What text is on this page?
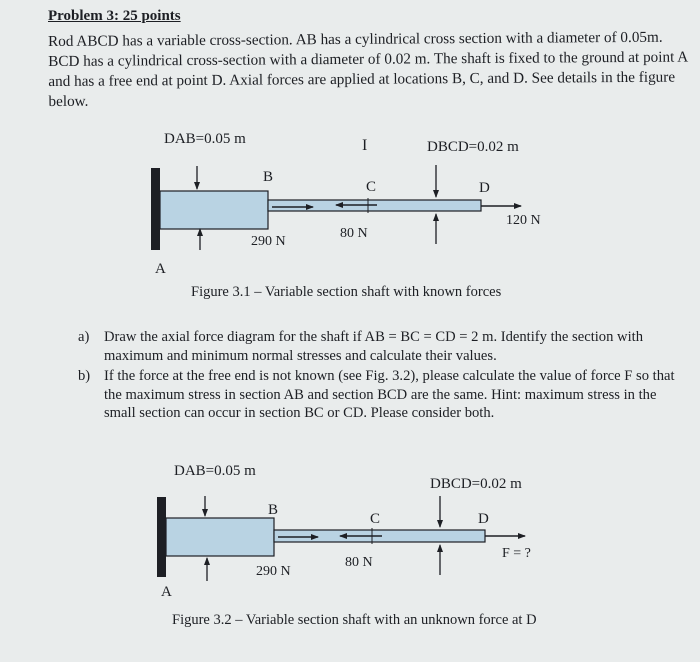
Problem 3: 25 points
Rod ABCD has a variable cross-section. AB has a cylindrical cross section with a diameter of 0.05m. BCD has a cylindrical cross-section with a diameter of 0.02 m. The shaft is fixed to the ground at point A and has a free end at point D. Axial forces are applied at locations B, C, and D. See details in the figure below.
I
DAB=0.05 m	DBCD=0.02 m
B
C	D
A
290 N
80 N
120 N
DAB=0.05 m
DBCD=0.02 m
B
C	D
A
290 N
80 N
F = ?
Figure 3.1 – Variable section shaft with known forces
a)	Draw the axial force diagram for the shaft if AB = BC = CD = 2 m. Identify the section with maximum and minimum normal stresses and calculate their values.
b) If the force at the free end is not known (see Fig. 3.2), please calculate the value of force F so that the maximum stress in section AB and section BCD are the same. Hint: maximum stress in the small section can occur in section BC or CD. Please consider both.
Figure 3.2 – Variable section shaft with an unknown force at D
